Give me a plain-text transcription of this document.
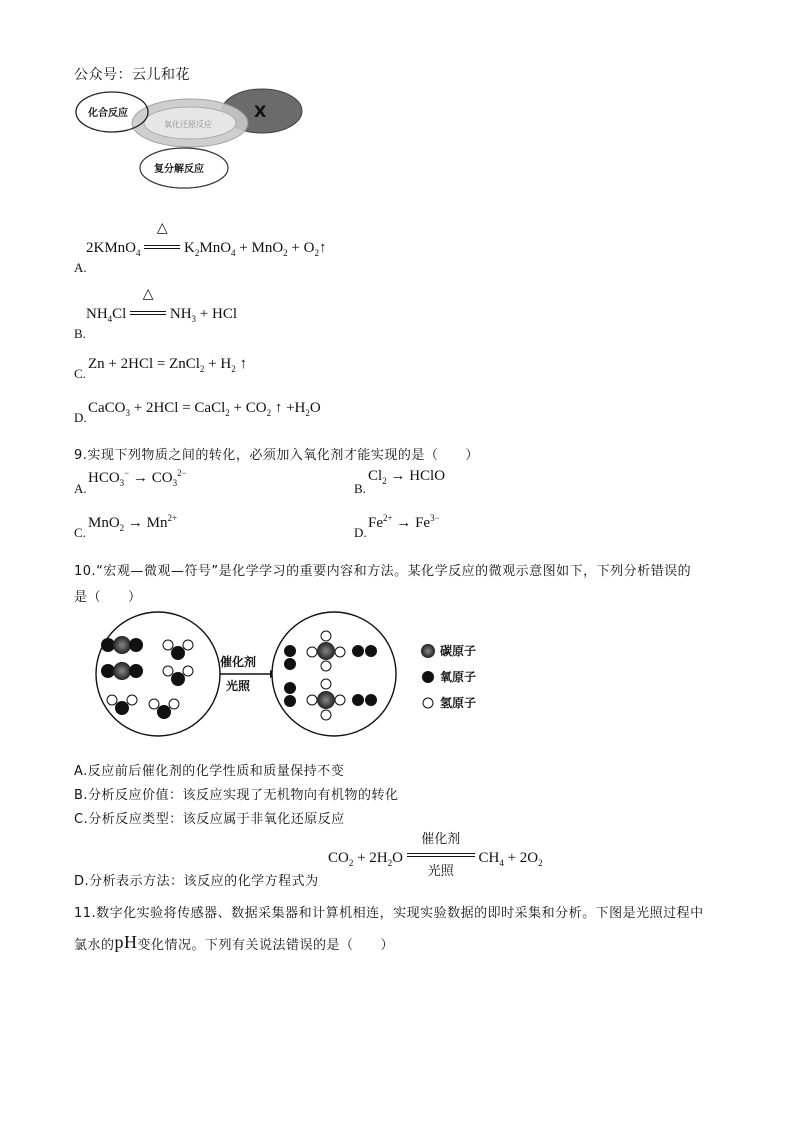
公众号：云儿和花
化合反应
氧化还原反应
X
复分解反应
2KMnO$_4$
△
$K_2MnO_4 + MnO_2$ + $O_2↑$
A.
$NH_4Cl$
△
$NH_3$ + HCl
B.
C.
Zn + 2HCl = ZnCl$_2$ + $H_2$ ↑
D.
CaCO$_3$ + 2HCl = CaCl$_2$ + $CO_2$ ↑ $+H_2O$
9.实现下列物质之间的转化，必须加入氧化剂才能实现的是（　　）
A.
$HCO_3^- \to CO_3^{2-}$
B.
$Cl_2$ → HClO
C.
$MnO_2 \to Mn^{2+}$
D.
$Fe^{2+} \to Fe^{3-}$
10.“宏观—微观—符号”是化学学习的重要内容和方法。某化学反应的微观示意图如下，下列分析错误的
是（　　）
催化剂
光照
碳原子
氧原子
氢原子
A.反应前后催化剂的化学性质和质量保持不变
B.分析反应价值：该反应实现了无机物向有机物的转化
C.分析反应类型：该反应属于非氧化还原反应
$CO_2 + 2H_2O$
催化剂
光照
$CH_4 + 2O_2$
D.分析表示方法：该反应的化学方程式为
11.数字化实验将传感器、数据采集器和计算机相连，实现实验数据的即时采集和分析。下图是光照过程中
氯水的pH变化情况。下列有关说法错误的是（　　）
